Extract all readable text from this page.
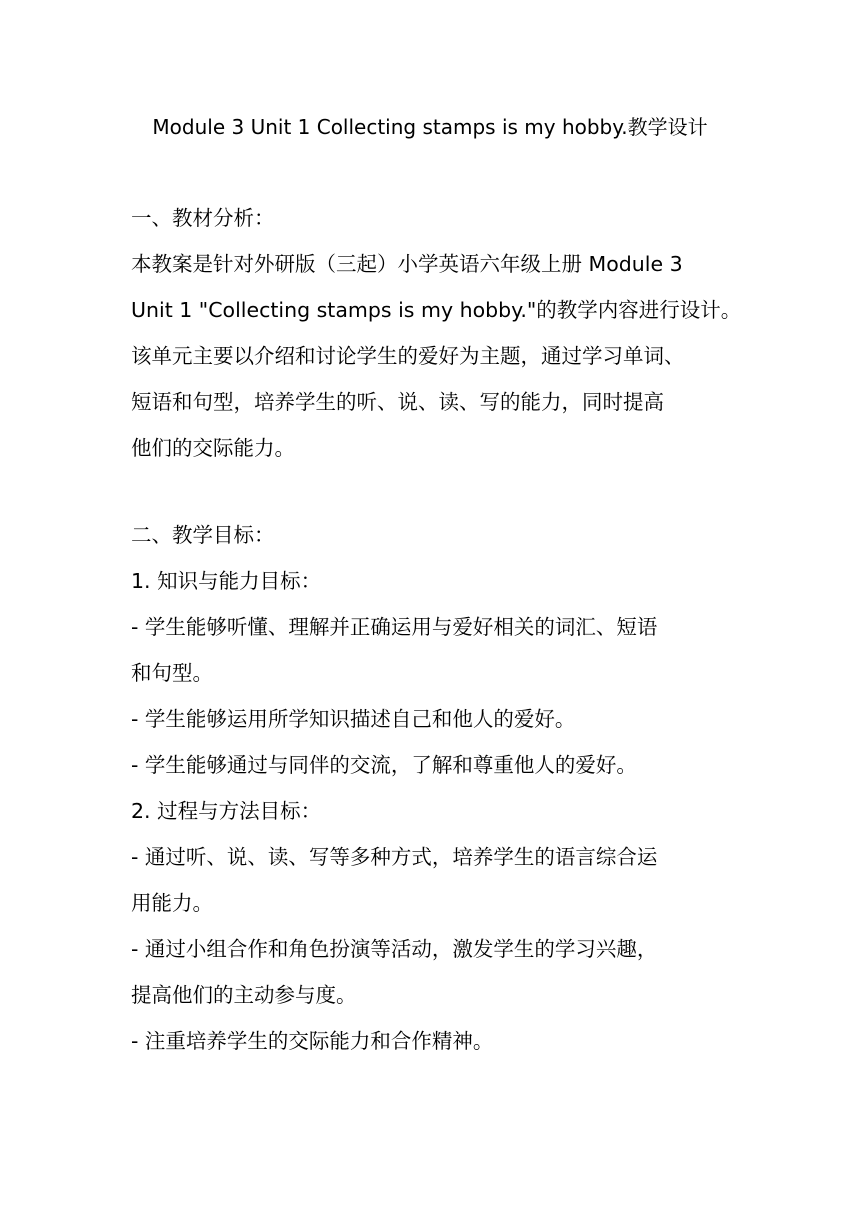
Module 3 Unit 1 Collecting stamps is my hobby.教学设计
一、教材分析：
本教案是针对外研版（三起）小学英语六年级上册 Module 3
Unit 1 "Collecting stamps is my hobby."的教学内容进行设计。
该单元主要以介绍和讨论学生的爱好为主题，通过学习单词、
短语和句型，培养学生的听、说、读、写的能力，同时提高
他们的交际能力。
二、教学目标：
1. 知识与能力目标：
- 学生能够听懂、理解并正确运用与爱好相关的词汇、短语
和句型。
- 学生能够运用所学知识描述自己和他人的爱好。
- 学生能够通过与同伴的交流，了解和尊重他人的爱好。
2. 过程与方法目标：
- 通过听、说、读、写等多种方式，培养学生的语言综合运
用能力。
- 通过小组合作和角色扮演等活动，激发学生的学习兴趣，
提高他们的主动参与度。
- 注重培养学生的交际能力和合作精神。
